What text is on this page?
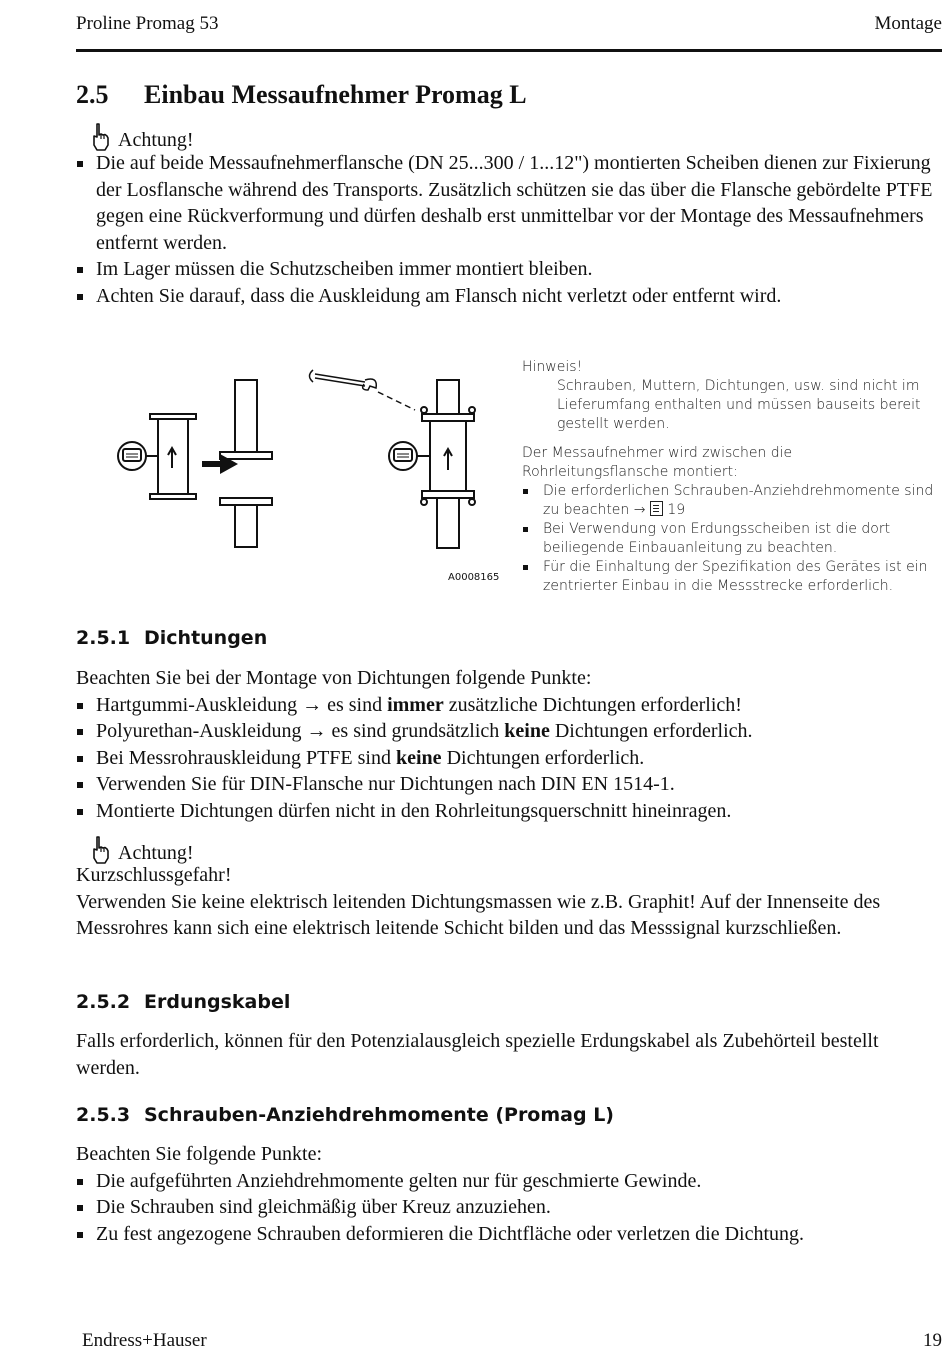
Proline Promag 53	Montage
2.5 Einbau Messaufnehmer Promag L
Achtung!
Die auf beide Messaufnehmerflansche (DN 25...300 / 1...12") montierten Scheiben dienen zur Fixierung der Losflansche während des Transports. Zusätzlich schützen sie das über die Flansche gebördelte PTFE gegen eine Rückverformung und dürfen deshalb erst unmittelbar vor der Montage des Messaufnehmers entfernt werden.
Im Lager müssen die Schutzscheiben immer montiert bleiben.
Achten Sie darauf, dass die Auskleidung am Flansch nicht verletzt oder entfernt wird.
A0008165
Hinweis!
Schrauben, Muttern, Dichtungen, usw. sind nicht im Lieferumfang enthalten und müssen bauseits bereit gestellt werden.
Der Messaufnehmer wird zwischen die Rohrleitungsflansche montiert:
Die erforderlichen Schrauben-Anziehdrehmomente sind zu beachten → 19
Bei Verwendung von Erdungsscheiben ist die dort beiliegende Einbauanleitung zu beachten.
Für die Einhaltung der Spezifikation des Gerätes ist ein zentrierter Einbau in die Messstrecke erforderlich.
2.5.1 Dichtungen
Beachten Sie bei der Montage von Dichtungen folgende Punkte:
Hartgummi-Auskleidung → es sind immer zusätzliche Dichtungen erforderlich!
Polyurethan-Auskleidung → es sind grundsätzlich keine Dichtungen erforderlich.
Bei Messrohrauskleidung PTFE sind keine Dichtungen erforderlich.
Verwenden Sie für DIN-Flansche nur Dichtungen nach DIN EN 1514-1.
Montierte Dichtungen dürfen nicht in den Rohrleitungsquerschnitt hineinragen.
Achtung!
Kurzschlussgefahr!
Verwenden Sie keine elektrisch leitenden Dichtungsmassen wie z.B. Graphit! Auf der Innenseite des Messrohres kann sich eine elektrisch leitende Schicht bilden und das Messsignal kurzschließen.
2.5.2 Erdungskabel
Falls erforderlich, können für den Potenzialausgleich spezielle Erdungskabel als Zubehörteil bestellt werden.
2.5.3 Schrauben-Anziehdrehmomente (Promag L)
Beachten Sie folgende Punkte:
Die aufgeführten Anziehdrehmomente gelten nur für geschmierte Gewinde.
Die Schrauben sind gleichmäßig über Kreuz anzuziehen.
Zu fest angezogene Schrauben deformieren die Dichtfläche oder verletzen die Dichtung.
Endress+Hauser	19
